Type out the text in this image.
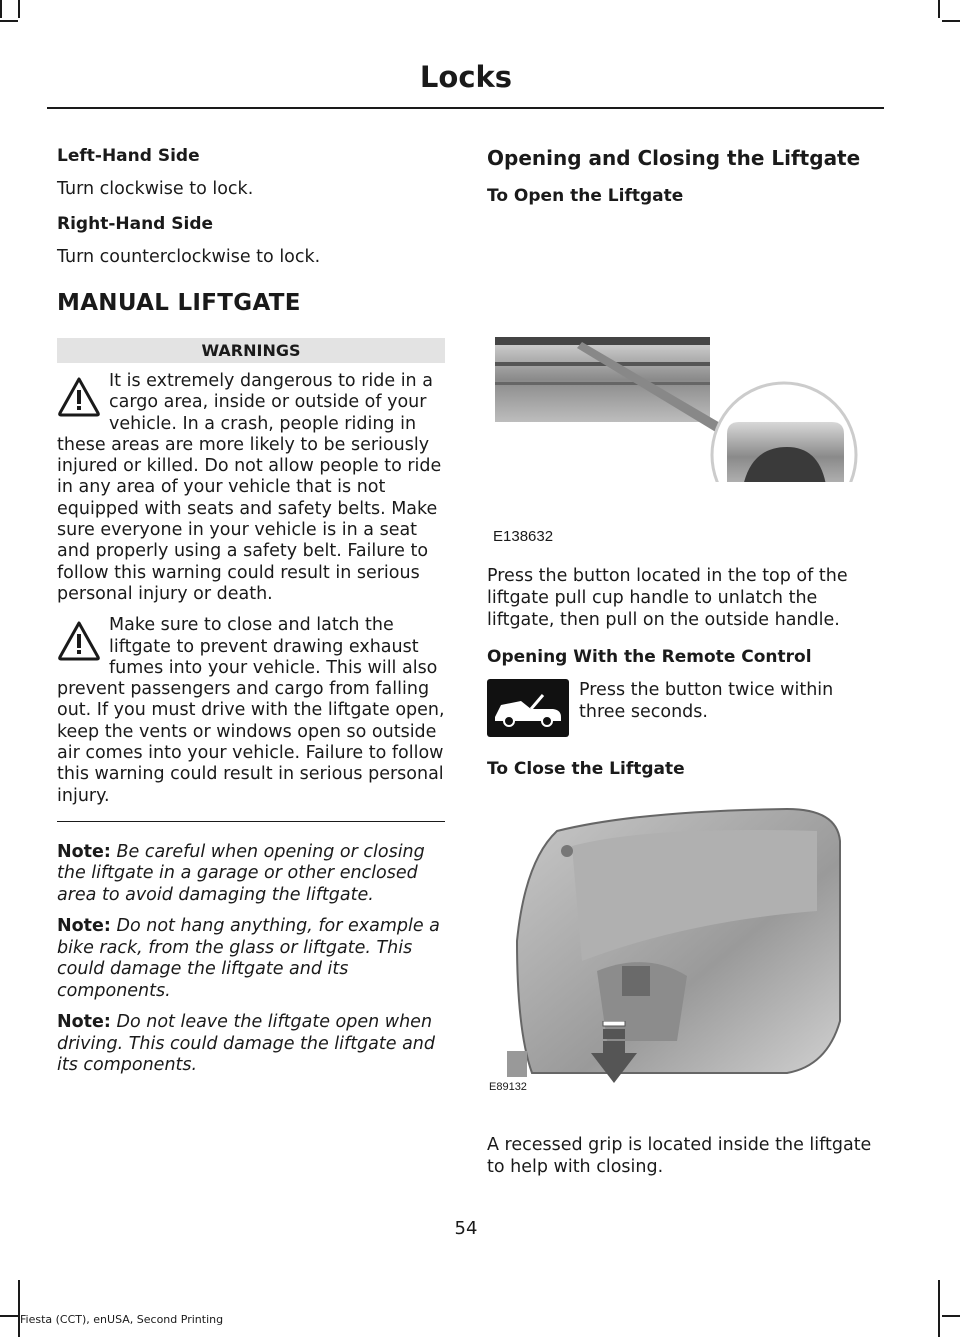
Locks
Left-Hand Side
Turn clockwise to lock.
Right-Hand Side
Turn counterclockwise to lock.
MANUAL LIFTGATE
WARNINGS
It is extremely dangerous to ride in a cargo area, inside or outside of your vehicle. In a crash, people riding in these areas are more likely to be seriously injured or killed. Do not allow people to ride in any area of your vehicle that is not equipped with seats and safety belts. Make sure everyone in your vehicle is in a seat and properly using a safety belt. Failure to follow this warning could result in serious personal injury or death.
Make sure to close and latch the liftgate to prevent drawing exhaust fumes into your vehicle. This will also prevent passengers and cargo from falling out. If you must drive with the liftgate open, keep the vents or windows open so outside air comes into your vehicle. Failure to follow this warning could result in serious personal injury.
Note: Be careful when opening or closing the liftgate in a garage or other enclosed area to avoid damaging the liftgate.
Note: Do not hang anything, for example a bike rack, from the glass or liftgate. This could damage the liftgate and its components.
Note: Do not leave the liftgate open when driving. This could damage the liftgate and its components.
Opening and Closing the Liftgate
To Open the Liftgate
E138632
Press the button located in the top of the liftgate pull cup handle to unlatch the liftgate, then pull on the outside handle.
Opening With the Remote Control
Press the button twice within three seconds.
To Close the Liftgate
E89132
A recessed grip is located inside the liftgate to help with closing.
54
Fiesta (CCT), enUSA, Second Printing
